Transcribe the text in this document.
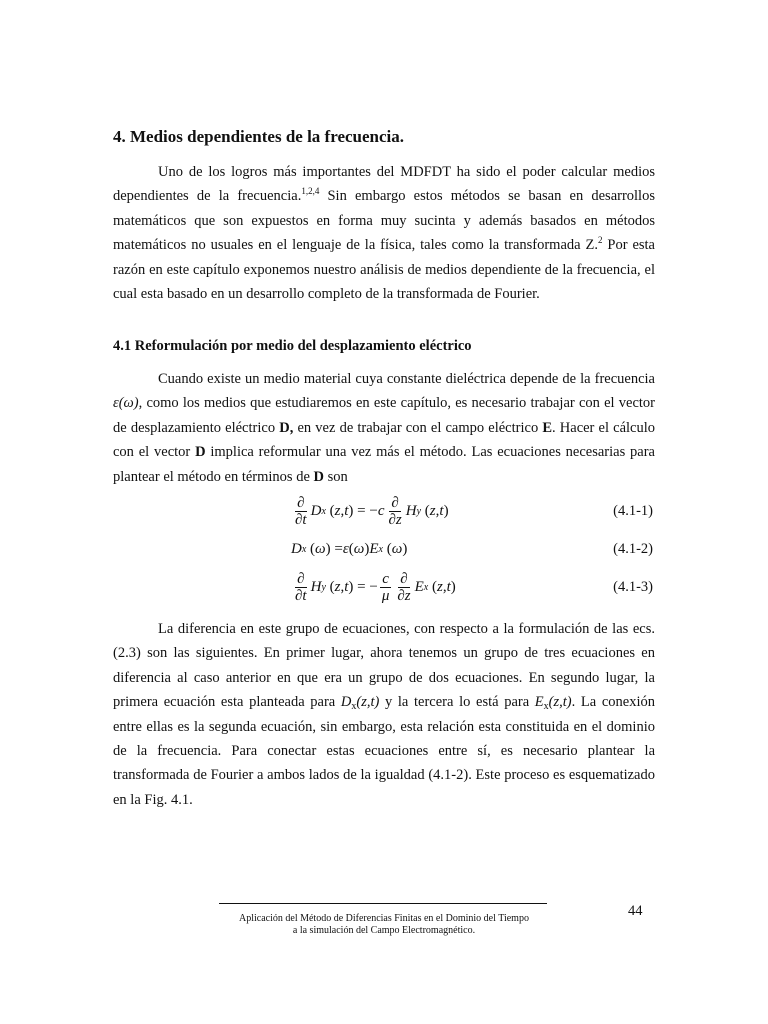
4. Medios dependientes de la frecuencia.

Uno de los logros más importantes del MDFDT ha sido el poder calcular medios dependientes de la frecuencia.$^{1,2,4}$ Sin embargo estos métodos se basan en desarrollos matemáticos que son expuestos en forma muy sucinta y además basados en métodos matemáticos no usuales en el lenguaje de la física, tales como la transformada Z.$^2$ Por esta razón en este capítulo exponemos nuestro análisis de medios dependiente de la frecuencia, el cual esta basado en un desarrollo completo de la transformada de Fourier.

4.1 Reformulación por medio del desplazamiento eléctrico

Cuando existe un medio material cuya constante dieléctrica depende de la frecuencia ε(ω), como los medios que estudiaremos en este capítulo, es necesario trabajar con el vector de desplazamiento eléctrico D, en vez de trabajar con el campo eléctrico E. Hacer el cálculo con el vector D implica reformular una vez más el método. Las ecuaciones necesarias para plantear el método en términos de D son

$\frac{\partial}{\partial t}$ D x ( z , t ) = − c $\frac{\partial}{\partial z}$ H y ( z , t )	(4.1-1)
D x ( ω ) = ε ( ω ) E x ( ω )	(4.1-2)
$\frac{\partial}{\partial t}$ H y ( z , t ) = − $\frac{c}{\mu} \frac{\partial}{\partial z}$ E x ( z , t )	(4.1-3)

La diferencia en este grupo de ecuaciones, con respecto a la formulación de las ecs. (2.3) son las siguientes. En primer lugar, ahora tenemos un grupo de tres ecuaciones en diferencia al caso anterior en que era un grupo de dos ecuaciones. En segundo lugar, la primera ecuación esta planteada para $D_x(z,t)$ y la tercera lo está para $E_x(z,t)$. La conexión entre ellas es la segunda ecuación, sin embargo, esta relación esta constituida en el dominio de la frecuencia. Para conectar estas ecuaciones entre sí, es necesario plantear la transformada de Fourier a ambos lados de la igualdad (4.1-2). Este proceso es esquematizado en la Fig. 4.1.

Aplicación del Método de Diferencias Finitas en el Dominio del Tiempo
a la simulación del Campo Electromagnético.

44
